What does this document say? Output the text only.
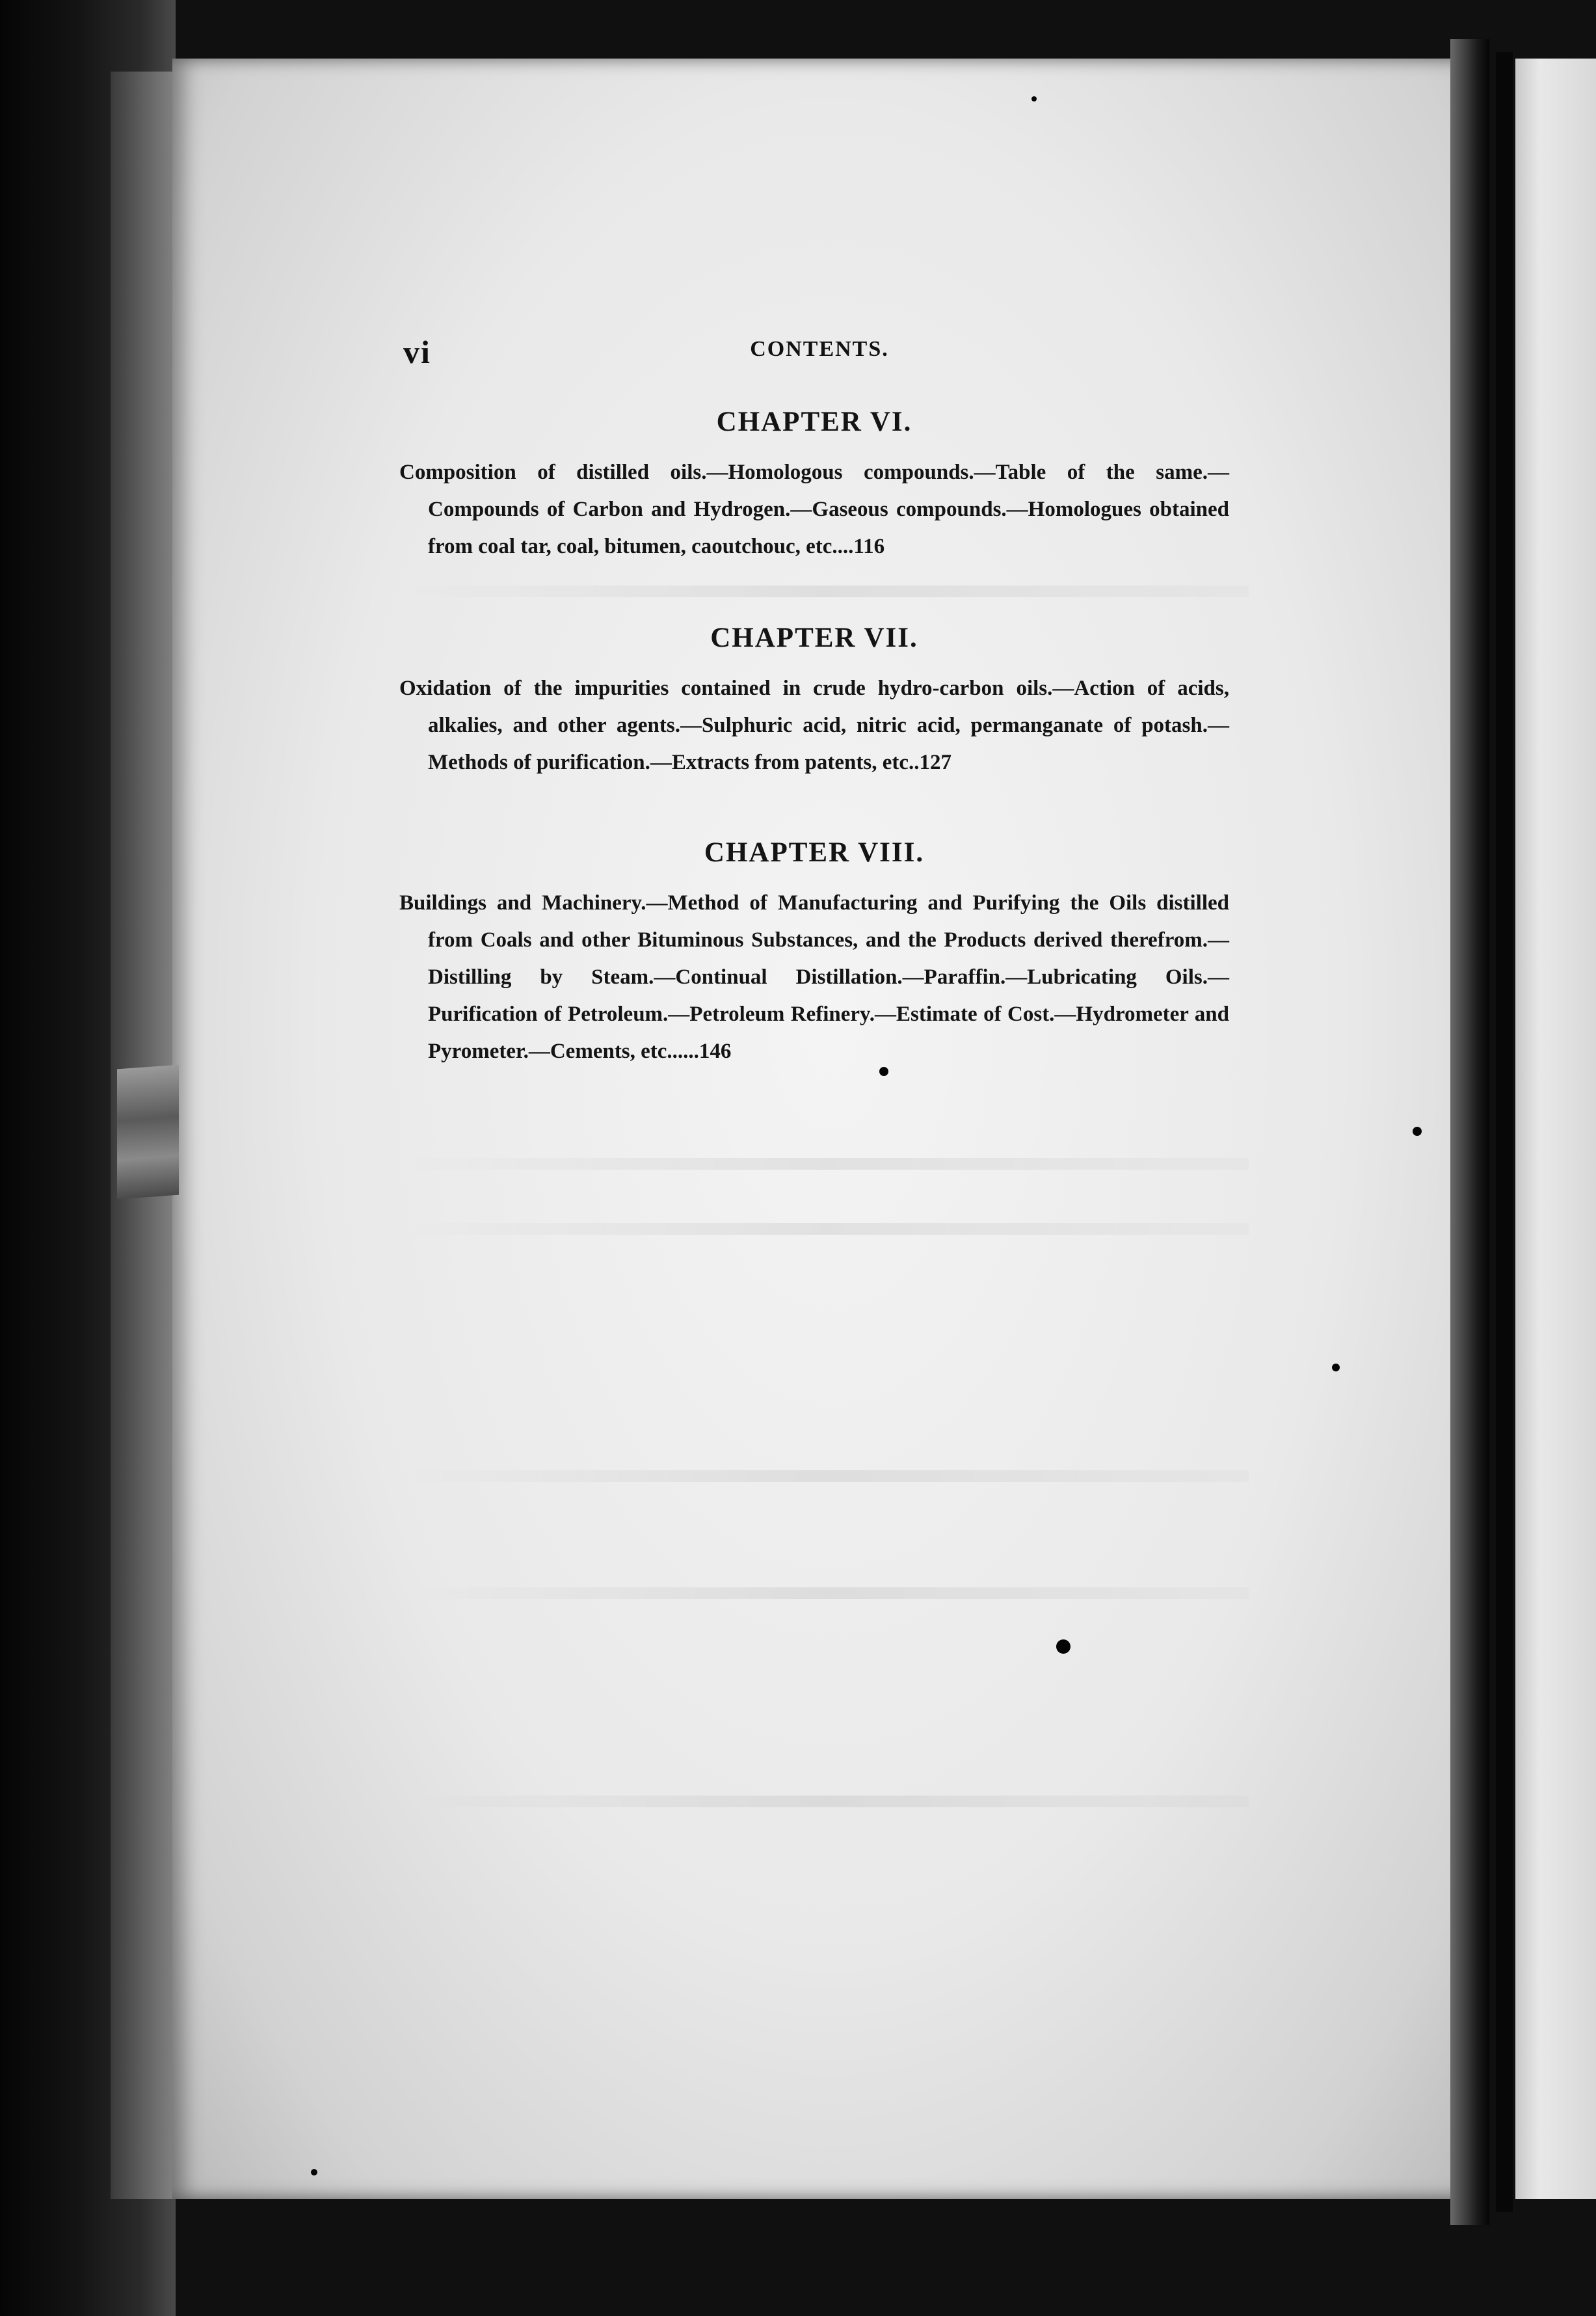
vi	CONTENTS.
CHAPTER VI.

Composition of distilled oils.—Homologous compounds.—Table of the same.—Compounds of Carbon and Hydrogen.—Gaseous compounds.—Homologues obtained from coal tar, coal, bitumen, caoutchouc, etc....116

CHAPTER VII.

Oxidation of the impurities contained in crude hydro-carbon oils.—Action of acids, alkalies, and other agents.—Sulphuric acid, nitric acid, permanganate of potash.—Methods of purification.—Extracts from patents, etc..127

CHAPTER VIII.

Buildings and Machinery.—Method of Manufacturing and Purifying the Oils distilled from Coals and other Bituminous Substances, and the Products derived therefrom.—Distilling by Steam.—Continual Distillation.—Paraffin.—Lubricating Oils.—Purification of Petroleum.—Petroleum Refinery.—Estimate of Cost.—Hydrometer and Pyrometer.—Cements, etc......146
